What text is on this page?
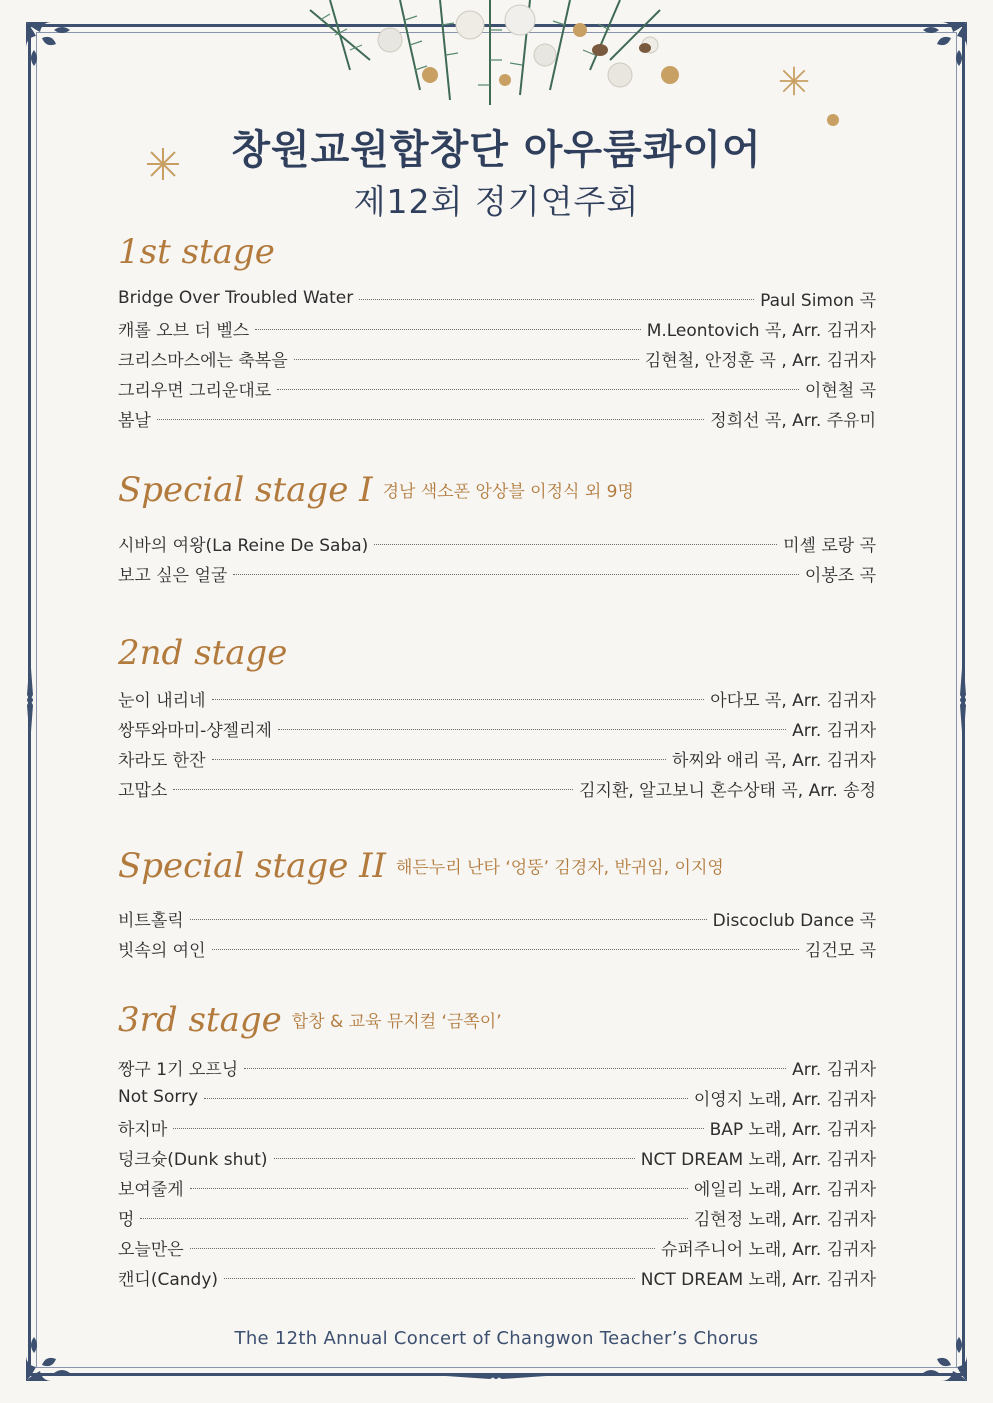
창원교원합창단 아우룸콰이어
제12회 정기연주회
1st stage
Bridge Over Troubled Water	Paul Simon 곡
캐롤 오브 더 벨스	M.Leontovich 곡, Arr. 김귀자
크리스마스에는 축복을	김현철, 안정훈 곡 , Arr. 김귀자
그리우면 그리운대로	이현철 곡
봄날	정희선 곡, Arr. 주유미
Special stage I 경남 색소폰 앙상블 이정식 외 9명
시바의 여왕(La Reine De Saba)	미셸 로랑 곡
보고 싶은 얼굴	이봉조 곡
2nd stage
눈이 내리네	아다모 곡, Arr. 김귀자
쌍뚜와마미-샹젤리제	Arr. 김귀자
차라도 한잔	하찌와 애리 곡, Arr. 김귀자
고맙소	김지환, 알고보니 혼수상태 곡, Arr. 송정
Special stage II 해든누리 난타 ‘엉뚱’ 김경자, 반귀임, 이지영
비트홀릭	Discoclub Dance 곡
빗속의 여인	김건모 곡
3rd stage 합창 & 교육 뮤지컬 ‘금쪽이’
짱구 1기 오프닝	Arr. 김귀자
Not Sorry	이영지 노래, Arr. 김귀자
하지마	BAP 노래, Arr. 김귀자
덩크슛(Dunk shut)	NCT DREAM 노래, Arr. 김귀자
보여줄게	에일리 노래, Arr. 김귀자
멍	김현정 노래, Arr. 김귀자
오늘만은	슈퍼주니어 노래, Arr. 김귀자
캔디(Candy)	NCT DREAM 노래, Arr. 김귀자
The 12th Annual Concert of Changwon Teacher’s Chorus
